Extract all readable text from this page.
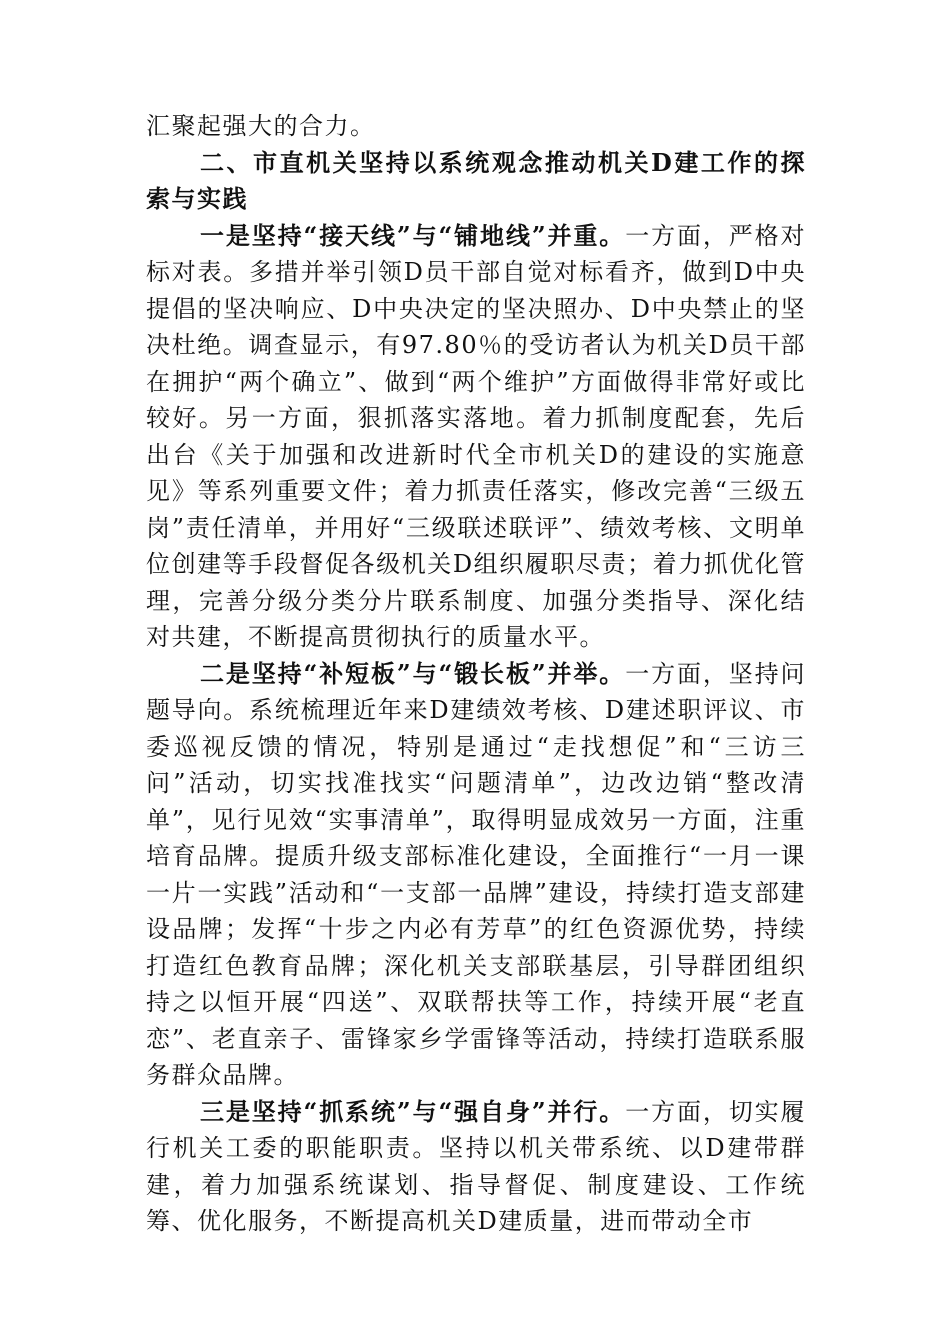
汇聚起强大的合力。

二、市直机关坚持以系统观念推动机关D建工作的探索与实践

一是坚持“接天线”与“铺地线”并重。一方面，严格对标对表。多措并举引领D员干部自觉对标看齐，做到D中央提倡的坚决响应、D中央决定的坚决照办、D中央禁止的坚决杜绝。调查显示，有97.80％的受访者认为机关D员干部在拥护“两个确立”、做到“两个维护”方面做得非常好或比较好。另一方面，狠抓落实落地。着力抓制度配套，先后出台《关于加强和改进新时代全市机关D的建设的实施意见》等系列重要文件；着力抓责任落实，修改完善“三级五岗”责任清单，并用好“三级联述联评”、绩效考核、文明单位创建等手段督促各级机关D组织履职尽责；着力抓优化管理，完善分级分类分片联系制度、加强分类指导、深化结对共建，不断提高贯彻执行的质量水平。

二是坚持“补短板”与“锻长板”并举。一方面，坚持问题导向。系统梳理近年来D建绩效考核、D建述职评议、市委巡视反馈的情况，特别是通过“走找想促”和“三访三问”活动，切实找准找实“问题清单”，边改边销“整改清单”，见行见效“实事清单”，取得明显成效另一方面，注重培育品牌。提质升级支部标准化建设，全面推行“一月一课一片一实践”活动和“一支部一品牌”建设，持续打造支部建设品牌；发挥“十步之内必有芳草”的红色资源优势，持续打造红色教育品牌；深化机关支部联基层，引导群团组织持之以恒开展“四送”、双联帮扶等工作，持续开展“老直恋”、老直亲子、雷锋家乡学雷锋等活动，持续打造联系服务群众品牌。

三是坚持“抓系统”与“强自身”并行。一方面，切实履行机关工委的职能职责。坚持以机关带系统、以D建带群建，着力加强系统谋划、指导督促、制度建设、工作统筹、优化服务，不断提高机关D建质量，进而带动全市
